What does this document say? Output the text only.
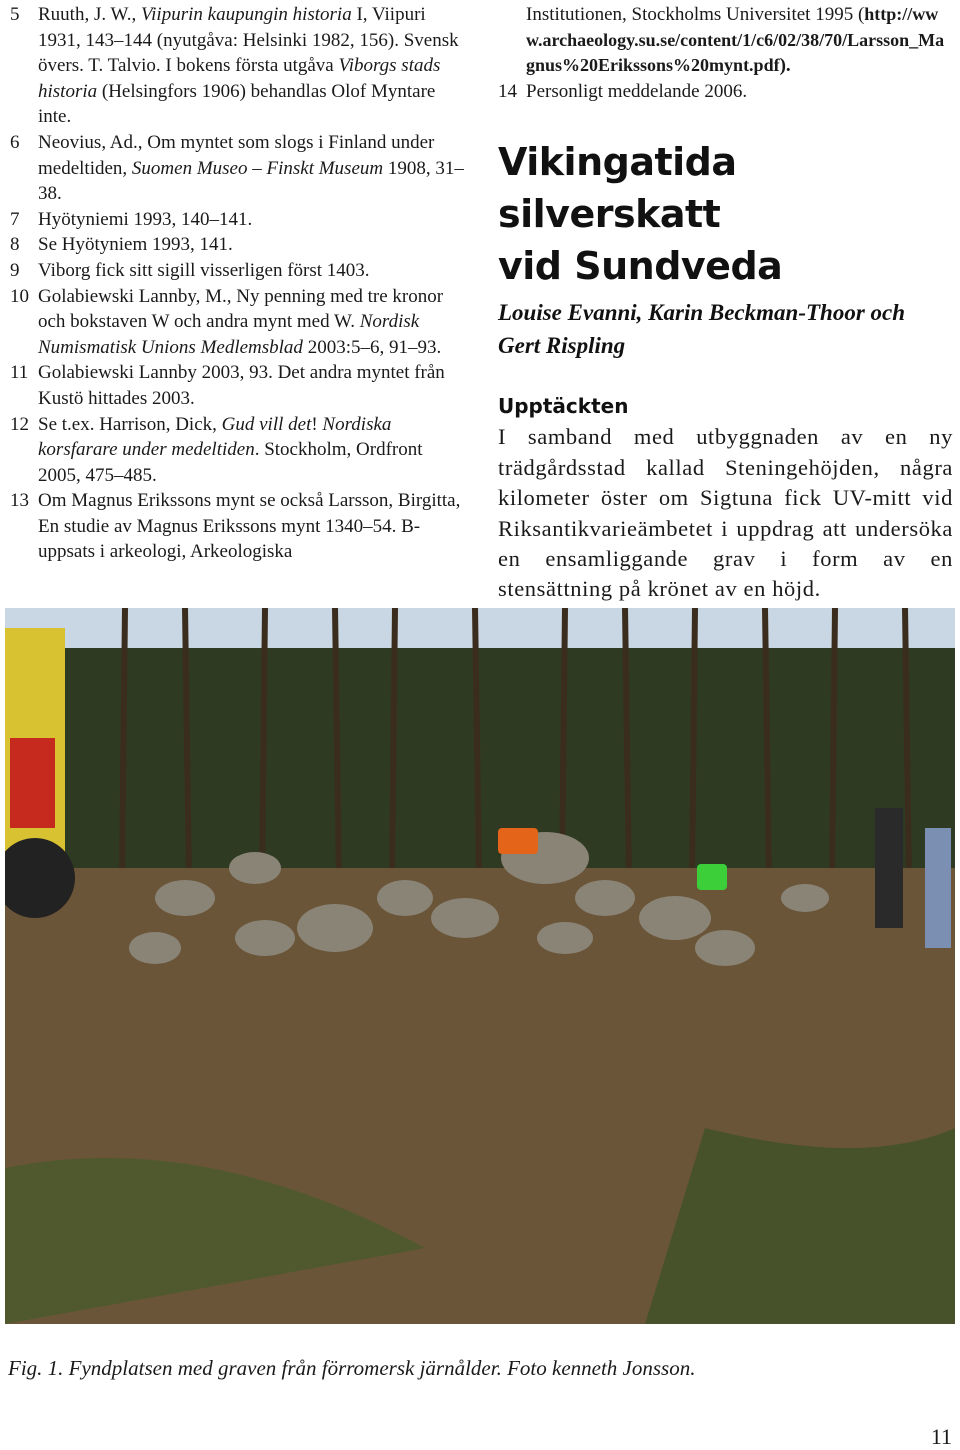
5 Ruuth, J. W., Viipurin kaupungin historia I, Viipuri 1931, 143–144 (nyutgåva: Helsinki 1982, 156). Svensk övers. T. Talvio. I bokens första utgåva Viborgs stads historia (Helsingfors 1906) behandlas Olof Myntare inte.

6 Neovius, Ad., Om myntet som slogs i Finland under medeltiden, Suomen Museo – Finskt Museum 1908, 31–38.

7 Hyötyniemi 1993, 140–141.

8 Se Hyötyniem 1993, 141.

9 Viborg fick sitt sigill visserligen först 1403.

10 Golabiewski Lannby, M., Ny penning med tre kronor och bokstaven W och andra mynt med W. Nordisk Numismatisk Unions Medlemsblad 2003:5–6, 91–93.

11 Golabiewski Lannby 2003, 93. Det andra myntet från Kustö hittades 2003.

12 Se t.ex. Harrison, Dick, Gud vill det! Nordiska korsfarare under medeltiden. Stockholm, Ordfront 2005, 475–485.

13 Om Magnus Erikssons mynt se också Larsson, Birgitta, En studie av Magnus Erikssons mynt 1340–54. B-uppsats i arkeologi, Arkeologiska

Institutionen, Stockholms Universitet 1995 (http://www.archaeology.su.se/content/1/c6/02/38/70/Larsson_Magnus%20Erikssons%20mynt.pdf).

14 Personligt meddelande 2006.

Vikingatida silverskatt
vid Sundveda

Louise Evanni, Karin Beckman-Thoor och
Gert Rispling

Upptäckten

I samband med utbyggnaden av en ny trädgårdsstad kallad Steningehöjden, några kilometer öster om Sigtuna fick UV-mitt vid Riksantikvarieämbetet i uppdrag att undersöka en ensamliggande grav i form av en stensättning på krönet av en höjd.

Fig. 1. Fyndplatsen med graven från förromersk järnålder. Foto kenneth Jonsson.

11
